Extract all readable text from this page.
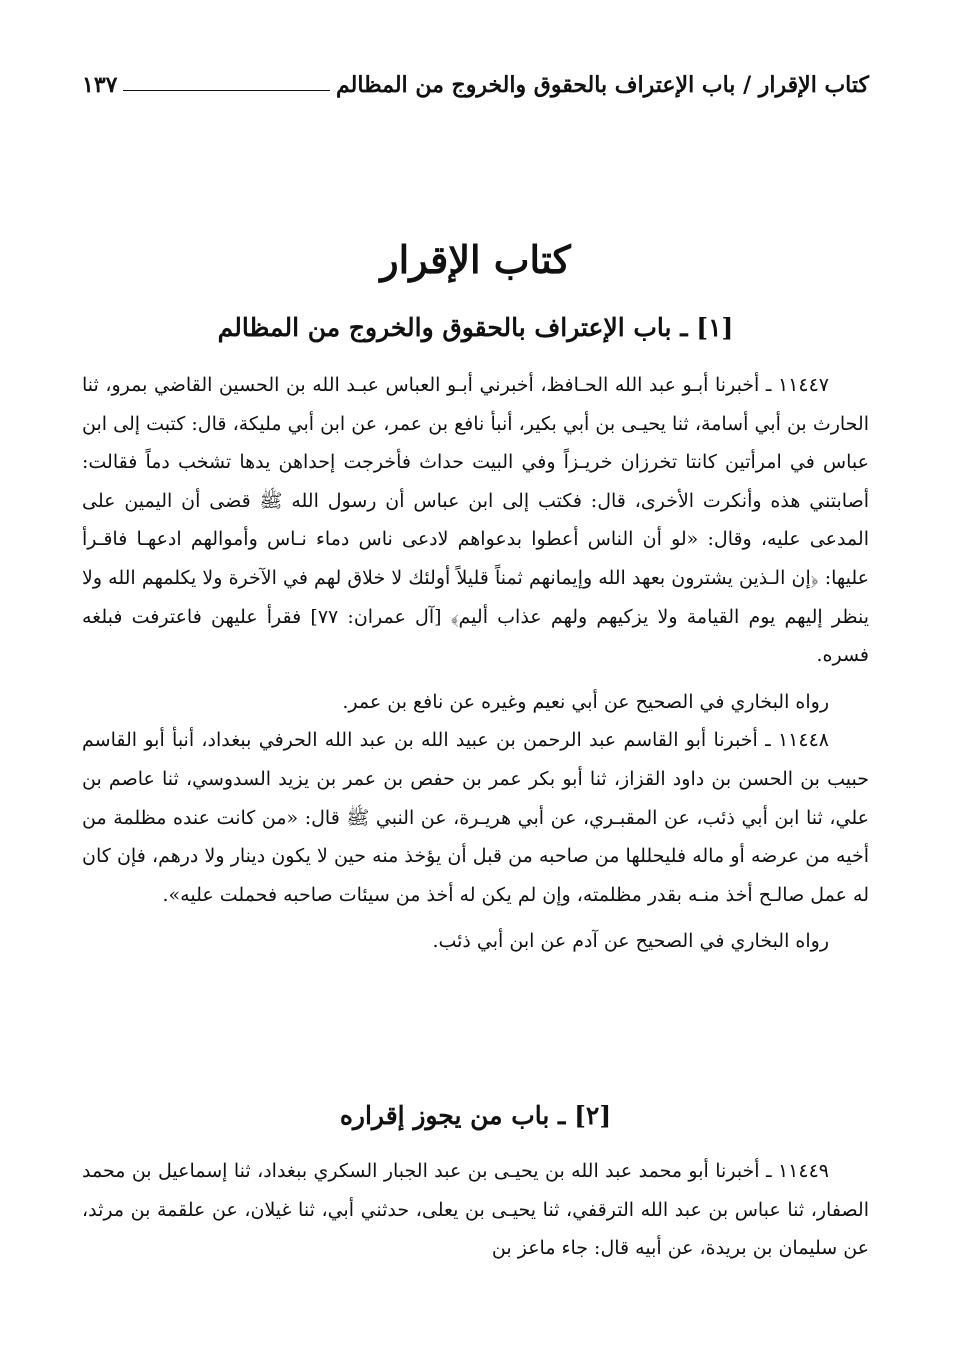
كتاب الإقرار / باب الإعتراف بالحقوق والخروج من المظالم
١٣٧
كتاب الإقرار
[١] ـ باب الإعتراف بالحقوق والخروج من المظالم

١١٤٤٧ ـ أخبرنا أبـو عبد الله الحـافظ، أخبرني أبـو العباس عبـد الله بن الحسين القاضي بمرو، ثنا الحارث بن أبي أسامة، ثنا يحيـى بن أبي بكير، أنبأ نافع بن عمر، عن ابن أبي مليكة، قال: كتبت إلى ابن عباس في امرأتين كانتا تخرزان خريـزاً وفي البيت حداث فأخرجت إحداهن يدها تشخب دماً فقالت: أصابتني هذه وأنكرت الأخرى، قال: فكتب إلى ابن عباس أن رسول الله ﷺ قضى أن اليمين على المدعى عليه، وقال: «لو أن الناس أعطوا بدعواهم لادعى ناس دماء نـاس وأموالهم ادعهـا فاقـرأ عليها: ﴿إن الـذين يشترون بعهد الله وإيمانهم ثمناً قليلاً أولئك لا خلاق لهم في الآخرة ولا يكلمهم الله ولا ينظر إليهم يوم القيامة ولا يزكيهم ولهم عذاب أليم﴾ [آل عمران: ٧٧] فقرأ عليهن فاعترفت فبلغه فسره.

رواه البخاري في الصحيح عن أبي نعيم وغيره عن نافع بن عمر.

١١٤٤٨ ـ أخبرنا أبو القاسم عبد الرحمن بن عبيد الله بن عبد الله الحرفي ببغداد، أنبأ أبو القاسم حبيب بن الحسن بن داود القزاز، ثنا أبو بكر عمر بن حفص بن عمر بن يزيد السدوسي، ثنا عاصم بن علي، ثنا ابن أبي ذئب، عن المقبـري، عن أبي هريـرة، عن النبي ﷺ قال: «من كانت عنده مظلمة من أخيه من عرضه أو ماله فليحللها من صاحبه من قبل أن يؤخذ منه حين لا يكون دينار ولا درهم، فإن كان له عمل صالـح أخذ منـه بقدر مظلمته، وإن لم يكن له أخذ من سيئات صاحبه فحملت عليه».

رواه البخاري في الصحيح عن آدم عن ابن أبي ذئب.

[٢] ـ باب من يجوز إقراره

١١٤٤٩ ـ أخبرنا أبو محمد عبد الله بن يحيـى بن عبد الجبار السكري ببغداد، ثنا إسماعيل بن محمد الصفار، ثنا عباس بن عبد الله الترقفي، ثنا يحيـى بن يعلى، حدثني أبي، ثنا غيلان، عن علقمة بن مرثد، عن سليمان بن بريدة، عن أبيه قال: جاء ماعز بن
